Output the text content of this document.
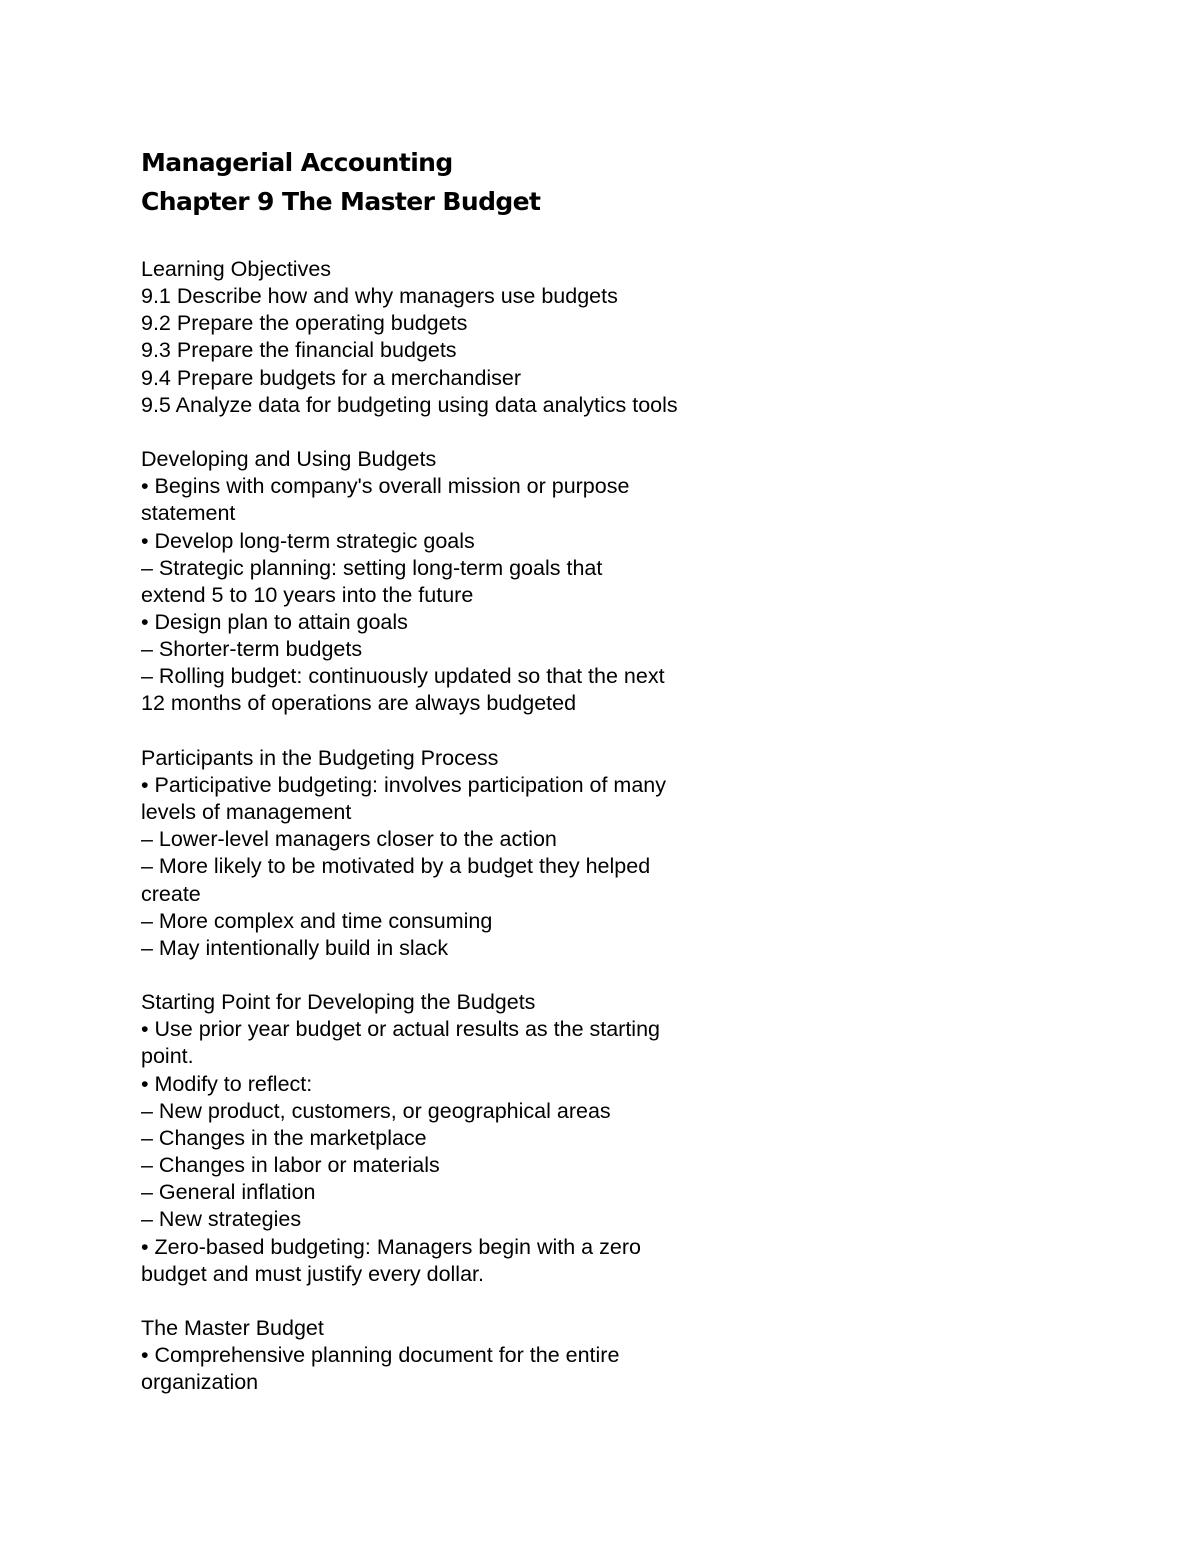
Managerial Accounting
Chapter 9 The Master Budget
Learning Objectives
9.1 Describe how and why managers use budgets
9.2 Prepare the operating budgets
9.3 Prepare the financial budgets
9.4 Prepare budgets for a merchandiser
9.5 Analyze data for budgeting using data analytics tools
Developing and Using Budgets
• Begins with company's overall mission or purpose
statement
• Develop long-term strategic goals
– Strategic planning: setting long-term goals that
extend 5 to 10 years into the future
• Design plan to attain goals
– Shorter-term budgets
– Rolling budget: continuously updated so that the next
12 months of operations are always budgeted
Participants in the Budgeting Process
• Participative budgeting: involves participation of many
levels of management
– Lower-level managers closer to the action
– More likely to be motivated by a budget they helped
create
– More complex and time consuming
– May intentionally build in slack
Starting Point for Developing the Budgets
• Use prior year budget or actual results as the starting
point.
• Modify to reflect:
– New product, customers, or geographical areas
– Changes in the marketplace
– Changes in labor or materials
– General inflation
– New strategies
• Zero-based budgeting: Managers begin with a zero
budget and must justify every dollar.
The Master Budget
• Comprehensive planning document for the entire
organization
